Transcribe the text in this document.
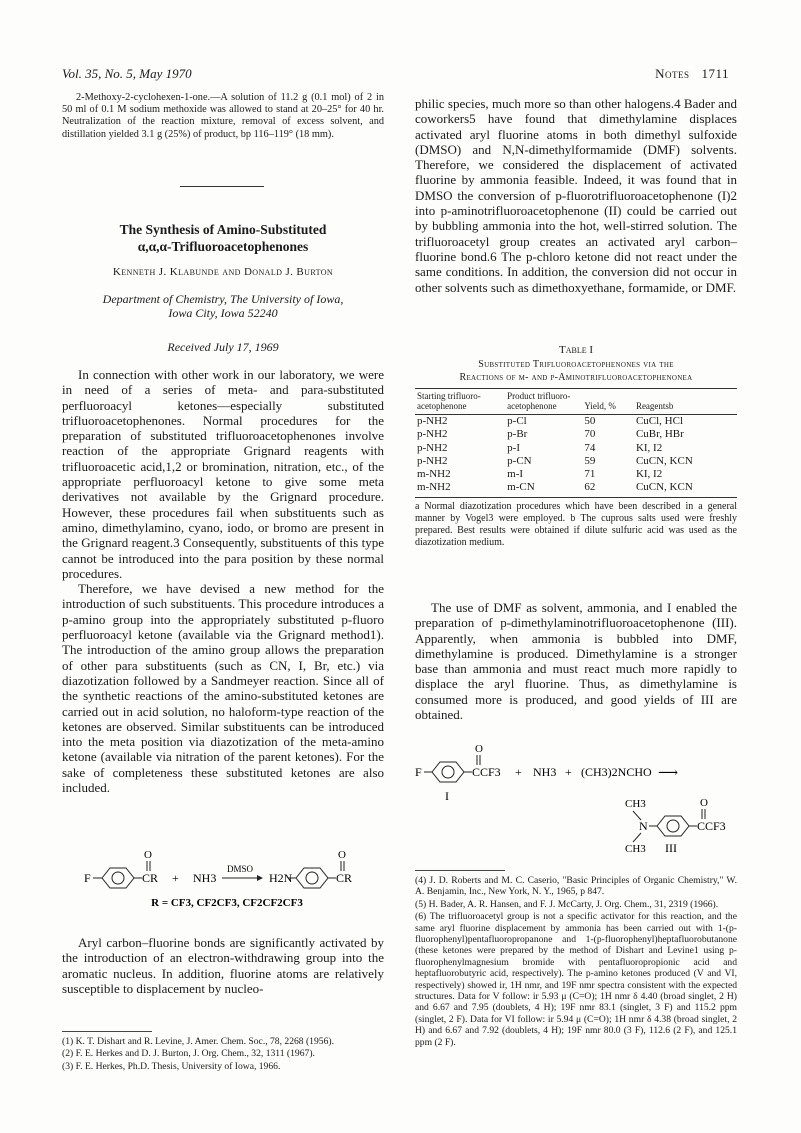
Vol. 35, No. 5, May 1970	Notes 1711

2-Methoxy-2-cyclohexen-1-one.—A solution of 11.2 g (0.1 mol) of 2 in 50 ml of 0.1 M sodium methoxide was allowed to stand at 20–25° for 40 hr. Neutralization of the reaction mixture, removal of excess solvent, and distillation yielded 3.1 g (25%) of product, bp 116–119° (18 mm).

The Synthesis of Amino-Substituted
α,α,α-Trifluoroacetophenones
Kenneth J. Klabunde and Donald J. Burton
Department of Chemistry, The University of Iowa,
Iowa City, Iowa 52240
Received July 17, 1969

In connection with other work in our laboratory, we were in need of a series of meta- and para-substituted perfluoroacyl ketones—especially substituted trifluoroacetophenones. Normal procedures for the preparation of substituted trifluoroacetophenones involve reaction of the appropriate Grignard reagents with trifluoroacetic acid,1,2 or bromination, nitration, etc., of the appropriate perfluoroacyl ketone to give some meta derivatives not available by the Grignard procedure. However, these procedures fail when substituents such as amino, dimethylamino, cyano, iodo, or bromo are present in the Grignard reagent.3 Consequently, substituents of this type cannot be introduced into the para position by these normal procedures.

Therefore, we have devised a new method for the introduction of such substituents. This procedure introduces a p-amino group into the appropriately substituted p-fluoro perfluoroacyl ketone (available via the Grignard method1). The introduction of the amino group allows the preparation of other para substituents (such as CN, I, Br, etc.) via diazotization followed by a Sandmeyer reaction. Since all of the synthetic reactions of the amino-substituted ketones are carried out in acid solution, no haloform-type reaction of the ketones are observed. Similar substituents can be introduced into the meta position via diazotization of the meta-amino ketone (available via nitration of the parent ketones). For the sake of completeness these substituted ketones are also included.

F	CR
O
+ NH3
DMSO
H2N	CR
O
R = CF3, CF2CF3, CF2CF2CF3

Aryl carbon–fluorine bonds are significantly activated by the introduction of an electron-withdrawing group into the aromatic nucleus. In addition, fluorine atoms are relatively susceptible to displacement by nucleo-

(1) K. T. Dishart and R. Levine, J. Amer. Chem. Soc., 78, 2268 (1956).
(2) F. E. Herkes and D. J. Burton, J. Org. Chem., 32, 1311 (1967).
(3) F. E. Herkes, Ph.D. Thesis, University of Iowa, 1966.

philic species, much more so than other halogens.4 Bader and coworkers5 have found that dimethylamine displaces activated aryl fluorine atoms in both dimethyl sulfoxide (DMSO) and N,N-dimethylformamide (DMF) solvents. Therefore, we considered the displacement of activated fluorine by ammonia feasible. Indeed, it was found that in DMSO the conversion of p-fluorotrifluoroacetophenone (I)2 into p-aminotrifluoroacetophenone (II) could be carried out by bubbling ammonia into the hot, well-stirred solution. The trifluoroacetyl group creates an activated aryl carbon–fluorine bond.6 The p-chloro ketone did not react under the same conditions. In addition, the conversion did not occur in other solvents such as dimethoxyethane, formamide, or DMF.

Table I
Substituted Trifluoroacetophenones via the
Reactions of m- and p-Aminotrifluoroacetophenonea
Starting trifluoro-acetophenone	Product trifluoro-acetophenone	Yield, %	Reagentsb
p-NH2	p-Cl	50	CuCl, HCl
p-NH2	p-Br	70	CuBr, HBr
p-NH2	p-I	74	KI, I2
p-NH2	p-CN	59	CuCN, KCN
m-NH2	m-I	71	KI, I2
m-NH2	m-CN	62	CuCN, KCN
a Normal diazotization procedures which have been described in a general manner by Vogel3 were employed. b The cuprous salts used were freshly prepared. Best results were obtained if dilute sulfuric acid was used as the diazotization medium.

The use of DMF as solvent, ammonia, and I enabled the preparation of p-dimethylaminotrifluoroacetophenone (III). Apparently, when ammonia is bubbled into DMF, dimethylamine is produced. Dimethylamine is a stronger base than ammonia and must react much more rapidly to displace the aryl fluorine. Thus, as dimethylamine is consumed more is produced, and good yields of III are obtained.

F	CCF3
O
I
+ NH3 + (CH3)2NCHO ⟶
CH3
N
CH3
CCF3
O
III
(4) J. D. Roberts and M. C. Caserio, "Basic Principles of Organic Chemistry," W. A. Benjamin, Inc., New York, N. Y., 1965, p 847.
(5) H. Bader, A. R. Hansen, and F. J. McCarty, J. Org. Chem., 31, 2319 (1966).
(6) The trifluoroacetyl group is not a specific activator for this reaction, and the same aryl fluorine displacement by ammonia has been carried out with 1-(p-fluorophenyl)pentafluoropropanone and 1-(p-fluorophenyl)heptafluorobutanone (these ketones were prepared by the method of Dishart and Levine1 using p-fluorophenylmagnesium bromide with pentafluoropropionic acid and heptafluorobutyric acid, respectively). The p-amino ketones produced (V and VI, respectively) showed ir, 1H nmr, and 19F nmr spectra consistent with the expected structures. Data for V follow: ir 5.93 μ (C=O); 1H nmr δ 4.40 (broad singlet, 2 H) and 6.67 and 7.95 (doublets, 4 H); 19F nmr 83.1 (singlet, 3 F) and 115.2 ppm (singlet, 2 F). Data for VI follow: ir 5.94 μ (C=O); 1H nmr δ 4.38 (broad singlet, 2 H) and 6.67 and 7.92 (doublets, 4 H); 19F nmr 80.0 (3 F), 112.6 (2 F), and 125.1 ppm (2 F).
